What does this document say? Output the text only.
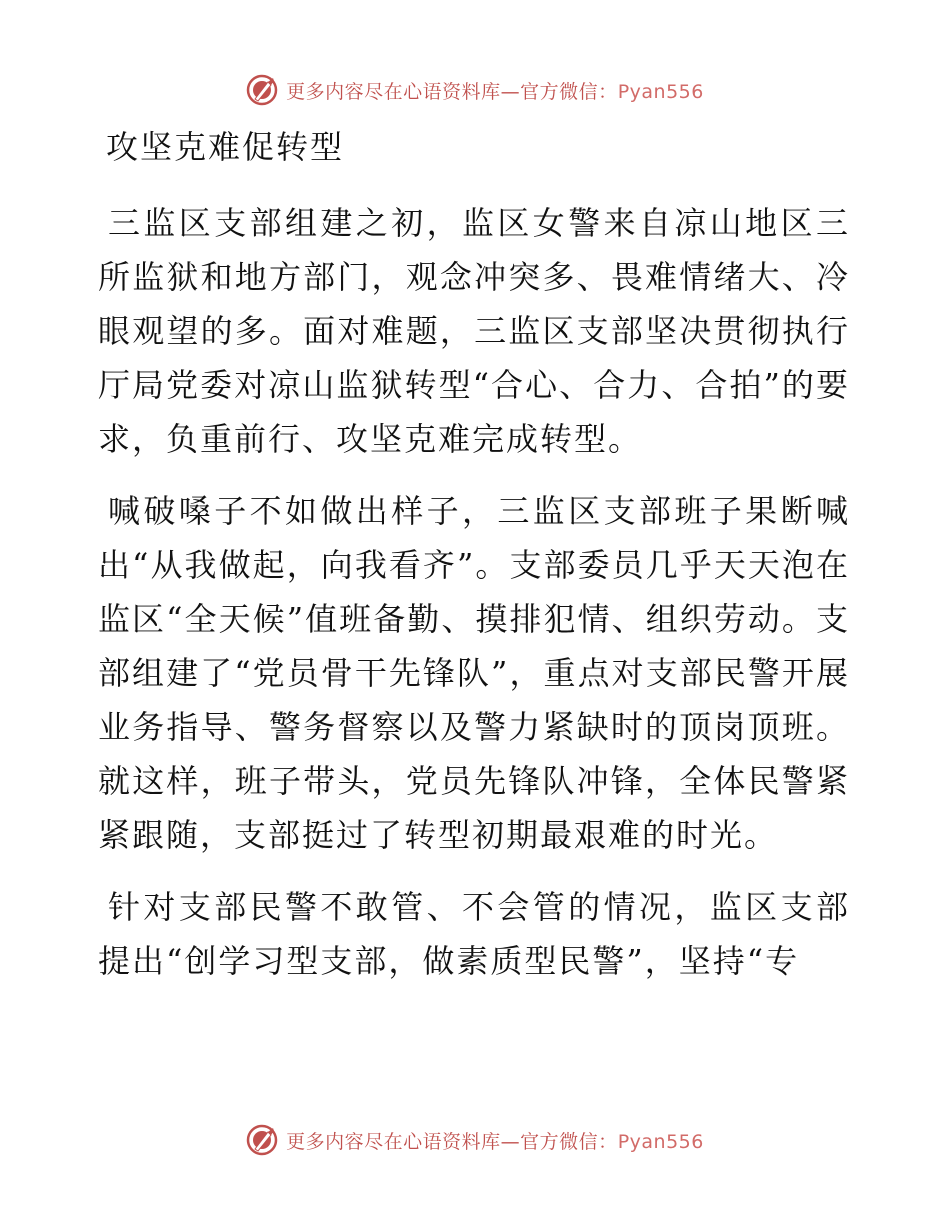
更多内容尽在心语资料库—官方微信：Pyan556
攻坚克难促转型

三监区支部组建之初，监区女警来自凉山地区三所监狱和地方部门，观念冲突多、畏难情绪大、冷眼观望的多。面对难题，三监区支部坚决贯彻执行厅局党委对凉山监狱转型“合心、合力、合拍”的要求，负重前行、攻坚克难完成转型。

喊破嗓子不如做出样子，三监区支部班子果断喊出“从我做起，向我看齐”。支部委员几乎天天泡在监区“全天候”值班备勤、摸排犯情、组织劳动。支部组建了“党员骨干先锋队”，重点对支部民警开展业务指导、警务督察以及警力紧缺时的顶岗顶班。就这样，班子带头，党员先锋队冲锋，全体民警紧紧跟随，支部挺过了转型初期最艰难的时光。

针对支部民警不敢管、不会管的情况，监区支部提出“创学习型支部，做素质型民警”，坚持“专

更多内容尽在心语资料库—官方微信：Pyan556
